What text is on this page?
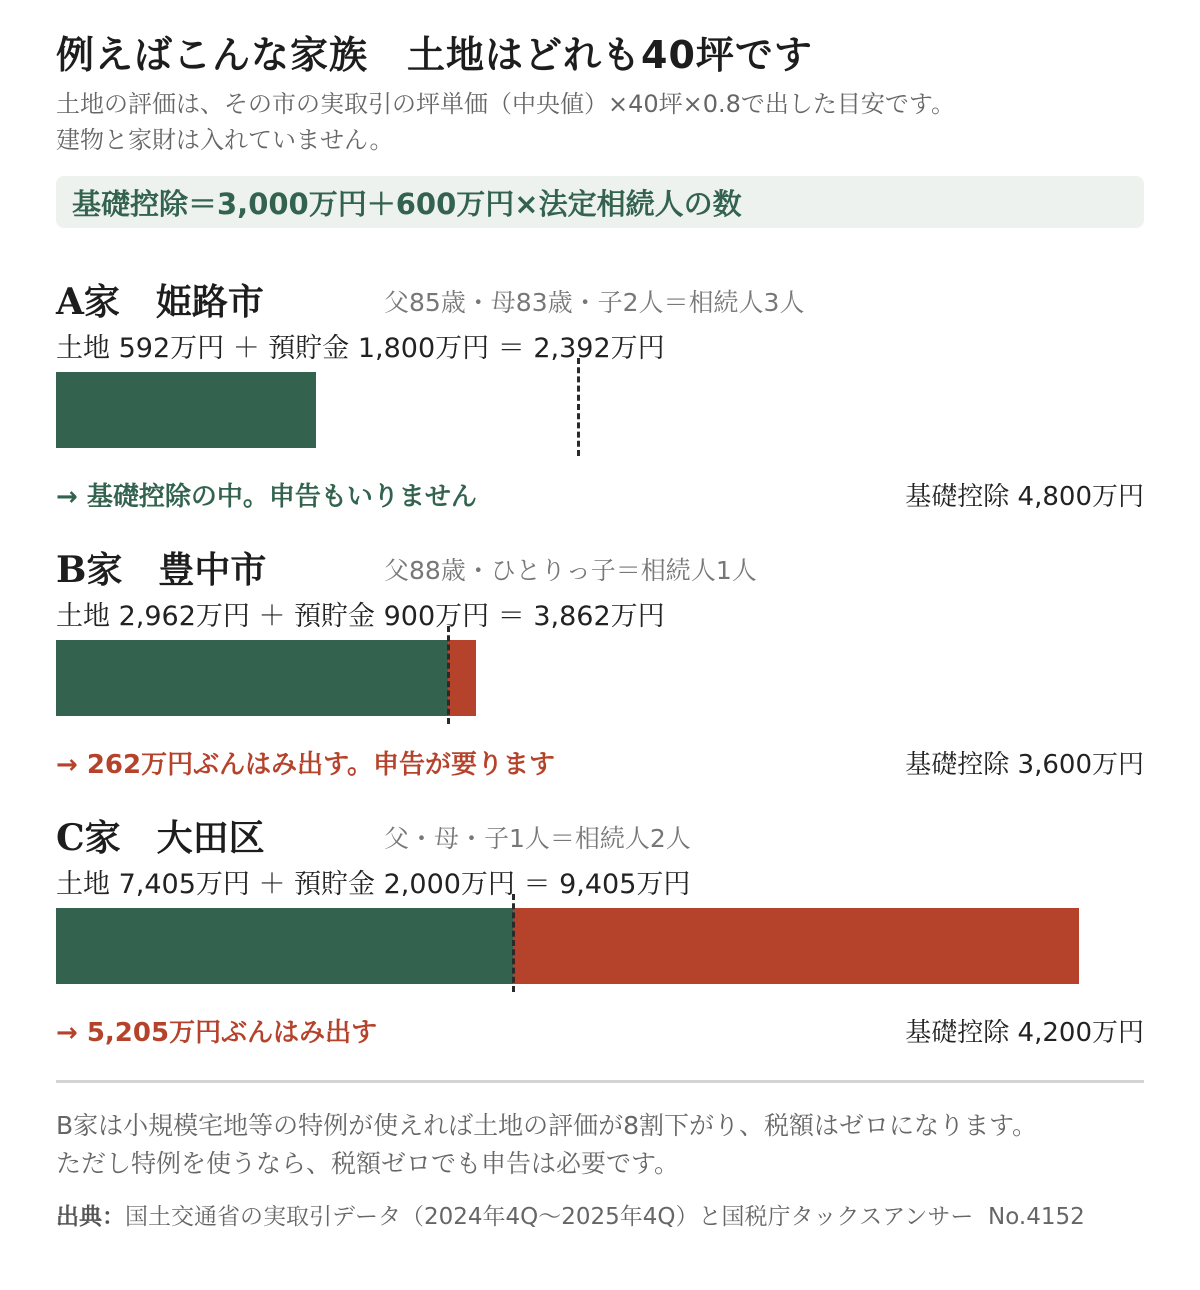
例えばこんな家族　土地はどれも40坪です
土地の評価は、その市の実取引の坪単価（中央値）×40坪×0.8で出した目安です。
建物と家財は入れていません。
基礎控除＝3,000万円＋600万円×法定相続人の数
A家　姫路市	父85歳・母83歳・子2人＝相続人3人
土地 592万円 ＋ 預貯金 1,800万円 ＝ 2,392万円
→ 基礎控除の中。申告もいりません	基礎控除 4,800万円
B家　豊中市	父88歳・ひとりっ子＝相続人1人
土地 2,962万円 ＋ 預貯金 900万円 ＝ 3,862万円
→ 262万円ぶんはみ出す。申告が要ります	基礎控除 3,600万円
C家　大田区	父・母・子1人＝相続人2人
土地 7,405万円 ＋ 預貯金 2,000万円 ＝ 9,405万円
→ 5,205万円ぶんはみ出す	基礎控除 4,200万円
B家は小規模宅地等の特例が使えれば土地の評価が8割下がり、税額はゼロになります。
ただし特例を使うなら、税額ゼロでも申告は必要です。
出典：国土交通省の実取引データ（2024年4Q～2025年4Q）と国税庁タックスアンサー No.4152
